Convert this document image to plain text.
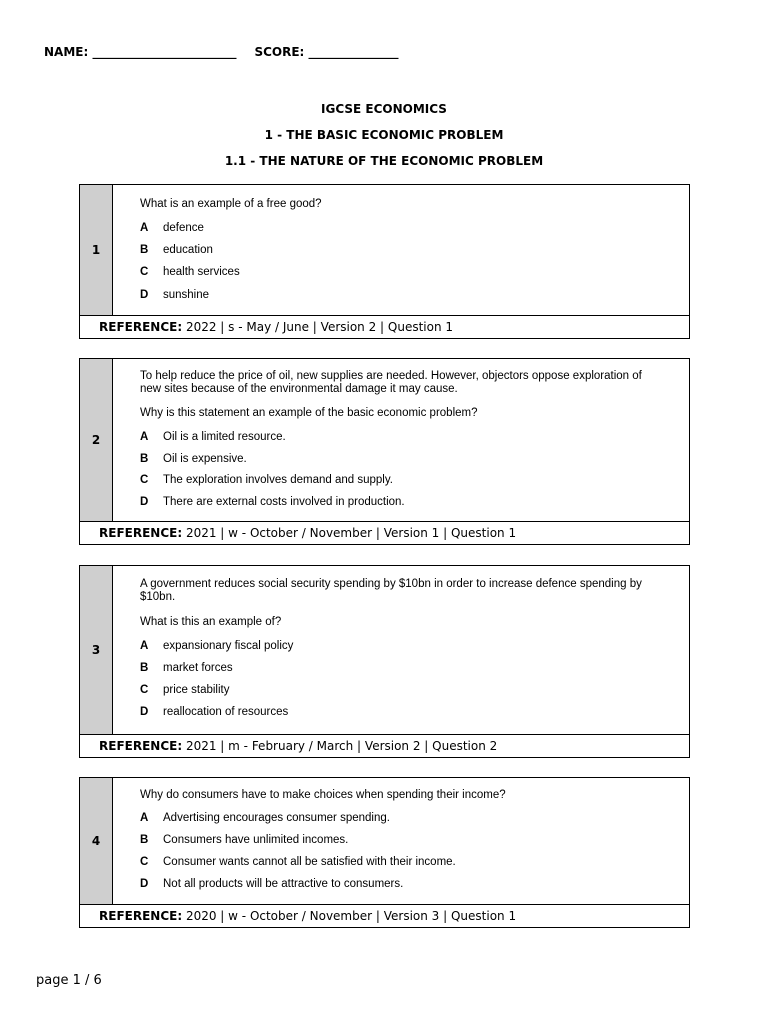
NAME: ________________________ SCORE: _______________
IGCSE ECONOMICS
1 - THE BASIC ECONOMIC PROBLEM
1.1 - THE NATURE OF THE ECONOMIC PROBLEM
1
What is an example of a free good?
A defence
B education
C health services
D sunshine
REFERENCE: 2022 | s - May / June | Version 2 | Question 1
2
To help reduce the price of oil, new supplies are needed. However, objectors oppose exploration of new sites because of the environmental damage it may cause.
Why is this statement an example of the basic economic problem?
A Oil is a limited resource.
B Oil is expensive.
C The exploration involves demand and supply.
D There are external costs involved in production.
REFERENCE: 2021 | w - October / November | Version 1 | Question 1
3
A government reduces social security spending by $10bn in order to increase defence spending by $10bn.
What is this an example of?
A expansionary fiscal policy
B market forces
C price stability
D reallocation of resources
REFERENCE: 2021 | m - February / March | Version 2 | Question 2
4
Why do consumers have to make choices when spending their income?
A Advertising encourages consumer spending.
B Consumers have unlimited incomes.
C Consumer wants cannot all be satisfied with their income.
D Not all products will be attractive to consumers.
REFERENCE: 2020 | w - October / November | Version 3 | Question 1
page 1 / 6
